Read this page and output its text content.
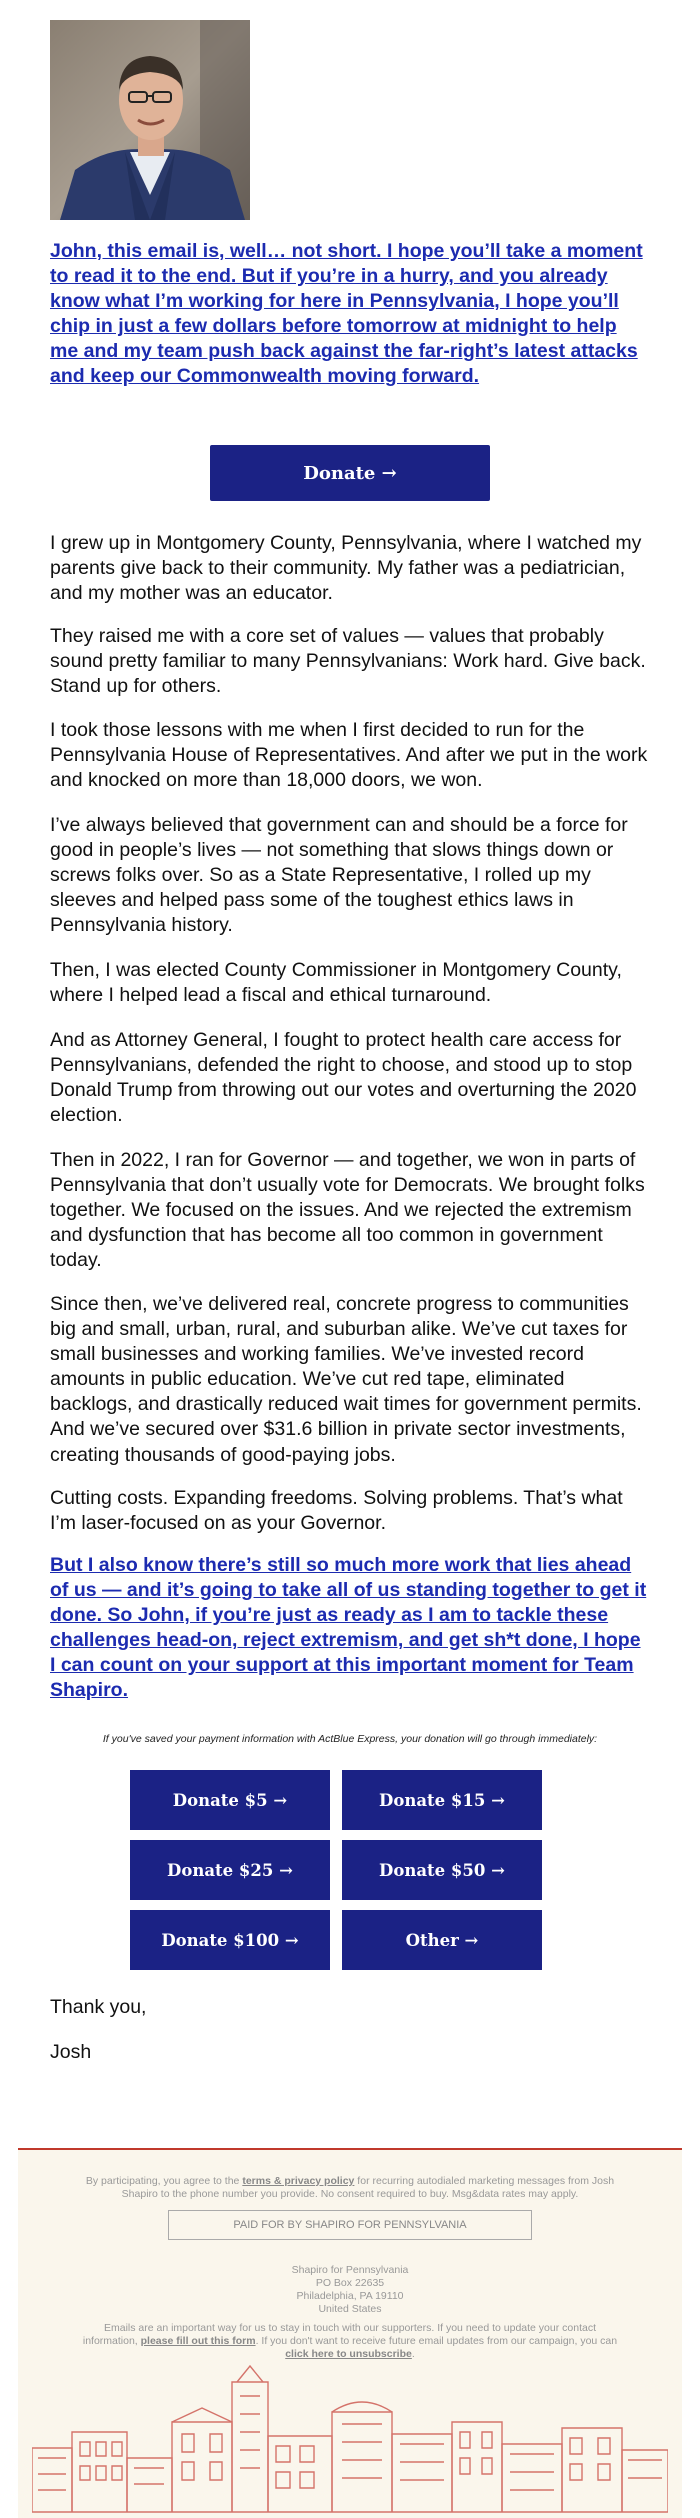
John, this email is, well… not short. I hope you’ll take a moment to read it to the end. But if you’re in a hurry, and you already know what I’m working for here in Pennsylvania, I hope you’ll chip in just a few dollars before tomorrow at midnight to help me and my team push back against the far-right’s latest attacks and keep our Commonwealth moving forward.

Donate →

I grew up in Montgomery County, Pennsylvania, where I watched my parents give back to their community. My father was a pediatrician, and my mother was an educator.

They raised me with a core set of values — values that probably sound pretty familiar to many Pennsylvanians: Work hard. Give back. Stand up for others.

I took those lessons with me when I first decided to run for the Pennsylvania House of Representatives. And after we put in the work and knocked on more than 18,000 doors, we won.

I’ve always believed that government can and should be a force for good in people’s lives — not something that slows things down or screws folks over. So as a State Representative, I rolled up my sleeves and helped pass some of the toughest ethics laws in Pennsylvania history.

Then, I was elected County Commissioner in Montgomery County, where I helped lead a fiscal and ethical turnaround.

And as Attorney General, I fought to protect health care access for Pennsylvanians, defended the right to choose, and stood up to stop Donald Trump from throwing out our votes and overturning the 2020 election.

Then in 2022, I ran for Governor — and together, we won in parts of Pennsylvania that don’t usually vote for Democrats. We brought folks together. We focused on the issues. And we rejected the extremism and dysfunction that has become all too common in government today.

Since then, we’ve delivered real, concrete progress to communities big and small, urban, rural, and suburban alike. We’ve cut taxes for small businesses and working families. We’ve invested record amounts in public education. We’ve cut red tape, eliminated backlogs, and drastically reduced wait times for government permits. And we’ve secured over $31.6 billion in private sector investments, creating thousands of good-paying jobs.

Cutting costs. Expanding freedoms. Solving problems. That’s what I’m laser-focused on as your Governor.

But I also know there’s still so much more work that lies ahead of us — and it’s going to take all of us standing together to get it done. So John, if you’re just as ready as I am to tackle these challenges head-on, reject extremism, and get sh*t done, I hope I can count on your support at this important moment for Team Shapiro.

If you've saved your payment information with ActBlue Express, your donation will go through immediately:
Donate $5 →	Donate $15 →
Donate $25 →	Donate $50 →
Donate $100 →	Other →
Thank you,
Josh
By participating, you agree to the terms & privacy policy for recurring autodialed marketing messages from Josh Shapiro to the phone number you provide. No consent required to buy. Msg&data rates may apply.
PAID FOR BY SHAPIRO FOR PENNSYLVANIA
Shapiro for Pennsylvania
PO Box 22635
Philadelphia, PA 19110
United States
Emails are an important way for us to stay in touch with our supporters. If you need to update your contact information, please fill out this form. If you don't want to receive future email updates from our campaign, you can click here to unsubscribe.
